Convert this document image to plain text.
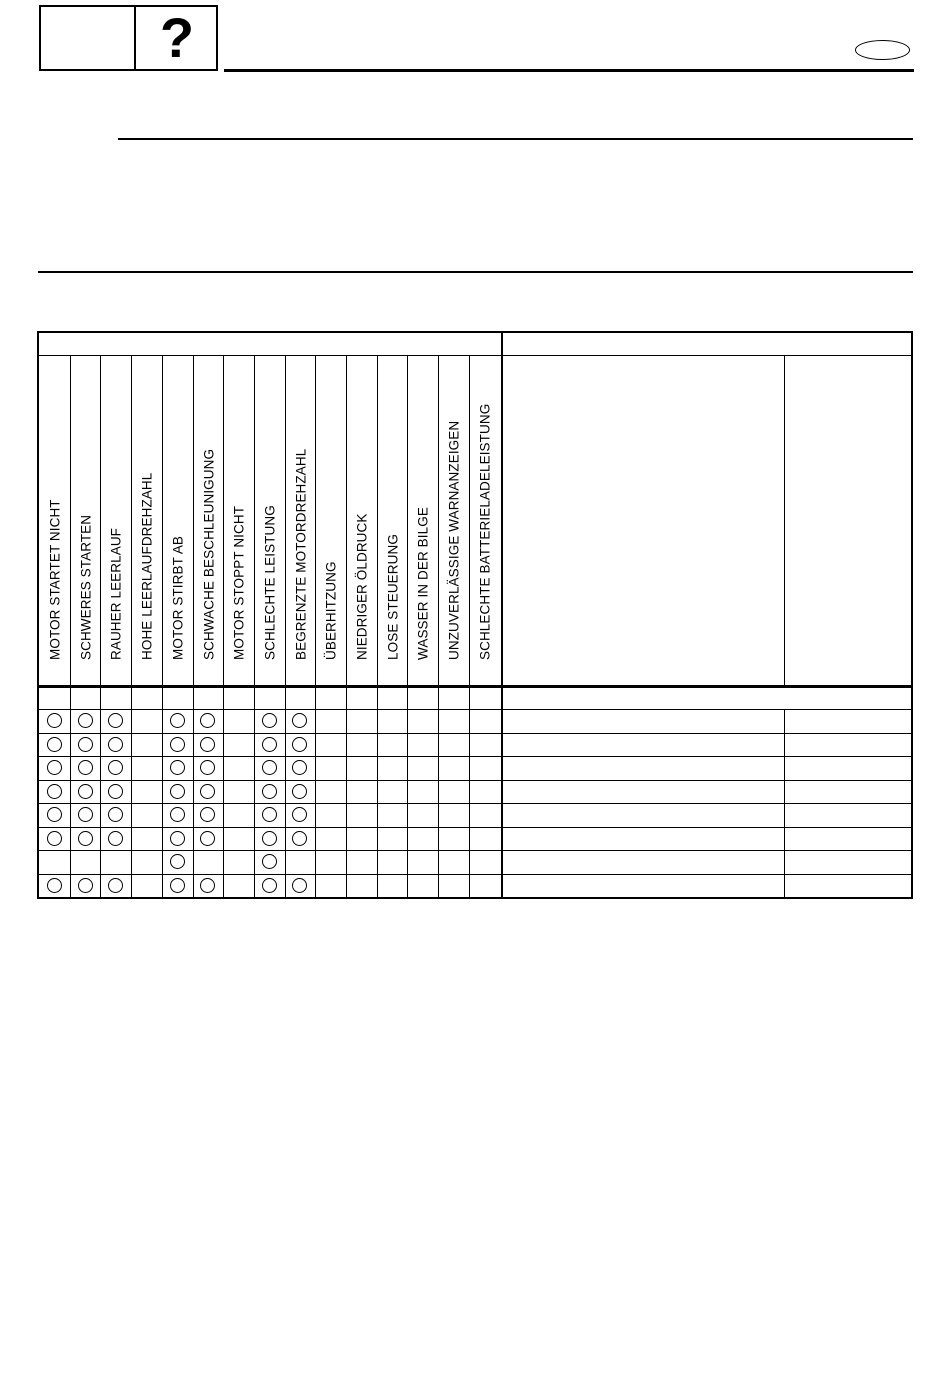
?
MOTOR STARTET NICHT SCHWERES STARTEN RAUHER LEERLAUF HOHE LEERLAUFDREHZAHL MOTOR STIRBT AB SCHWACHE BESCHLEUNIGUNG MOTOR STOPPT NICHT SCHLECHTE LEISTUNG BEGRENZTE MOTORDREHZAHL ÜBERHITZUNG NIEDRIGER ÖLDRUCK LOSE STEUERUNG WASSER IN DER BILGE UNZUVERLÄSSIGE WARNANZEIGEN SCHLECHTE BATTERIELADELEISTUNG
